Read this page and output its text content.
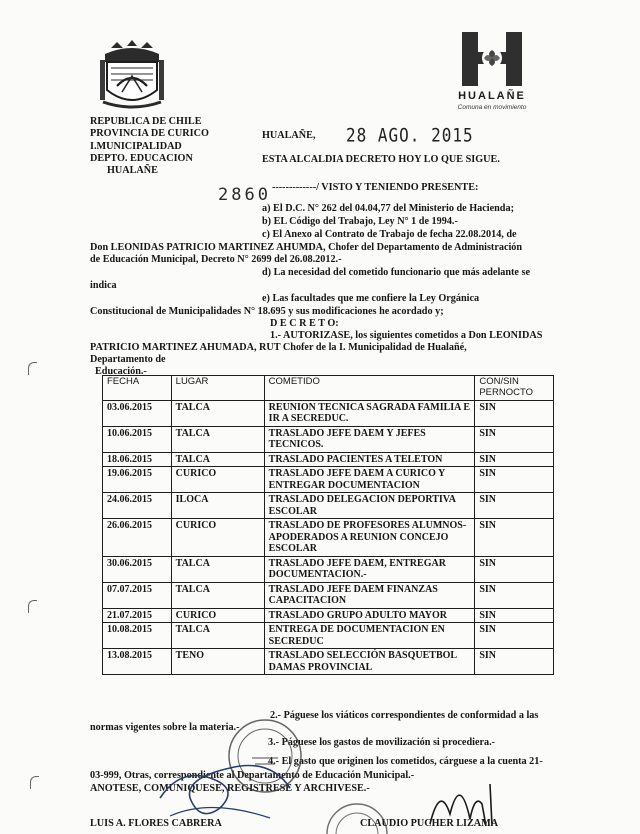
HUALAÑE
Comuna en movimiento
REPUBLICA DE CHILE
PROVINCIA DE CURICO
I.MUNICIPALIDAD
DEPTO. EDUCACION
HUALAÑE
HUALAÑE, 28 AGO. 2015
ESTA ALCALDIA DECRETO HOY LO QUE SIGUE.
2860 -------------/ VISTO Y TENIENDO PRESENTE:
a) El D.C. N° 262 del 04.04,77 del Ministerio de Hacienda;
b) EL Código del Trabajo, Ley N° 1 de 1994.-
c) El Anexo al Contrato de Trabajo de fecha 22.08.2014, de
Don LEONIDAS PATRICIO MARTINEZ AHUMDA, Chofer del Departamento de Administración
de Educación Municipal, Decreto N° 2699 del 26.08.2012.-
d) La necesidad del cometido funcionario que más adelante se
indica
e) Las facultades que me confiere la Ley Orgánica
Constitucional de Municipalidades N° 18.695 y sus modificaciones he acordado y;
D E C R E T O:
1.- AUTORIZASE, los siguientes cometidos a Don LEONIDAS
PATRICIO MARTINEZ AHUMADA, RUT Chofer de la I. Municipalidad de Hualañé,
Departamento de
Educación.-
FECHA	LUGAR	COMETIDO	CON/SIN
PERNOCTO
03.06.2015	TALCA	REUNION TECNICA SAGRADA FAMILIA E IR A SECREDUC.	SIN
10.06.2015	TALCA	TRASLADO JEFE DAEM Y JEFES TECNICOS.	SIN
18.06.2015	TALCA	TRASLADO PACIENTES A TELETON	SIN
19.06.2015	CURICO	TRASLADO JEFE DAEM A CURICO Y ENTREGAR DOCUMENTACION	SIN
24.06.2015	ILOCA	TRASLADO DELEGACION DEPORTIVA ESCOLAR	SIN
26.06.2015	CURICO	TRASLADO DE PROFESORES ALUMNOS-APODERADOS A REUNION CONCEJO ESCOLAR	SIN
30.06.2015	TALCA	TRASLADO JEFE DAEM, ENTREGAR DOCUMENTACION.-	SIN
07.07.2015	TALCA	TRASLADO JEFE DAEM FINANZAS CAPACITACION	SIN
21.07.2015	CURICO	TRASLADO GRUPO ADULTO MAYOR	SIN
10.08.2015	TALCA	ENTREGA DE DOCUMENTACION EN SECREDUC	SIN
13.08.2015	TENO	TRASLADO SELECCIÓN BASQUETBOL DAMAS PROVINCIAL	SIN
2.- Páguese los viáticos correspondientes de conformidad a las
normas vigentes sobre la materia.-
3.- Páguese los gastos de movilización si procediera.-
4.- El gasto que originen los cometidos, cárguese a la cuenta 21-
03-999, Otras, correspondiente al Departamento de Educación Municipal.-
ANOTESE, COMUNIQUESE, REGISTRESE Y ARCHIVESE.-
LUIS A. FLORES CABRERA	CLAUDIO PUCHER LIZAMA
